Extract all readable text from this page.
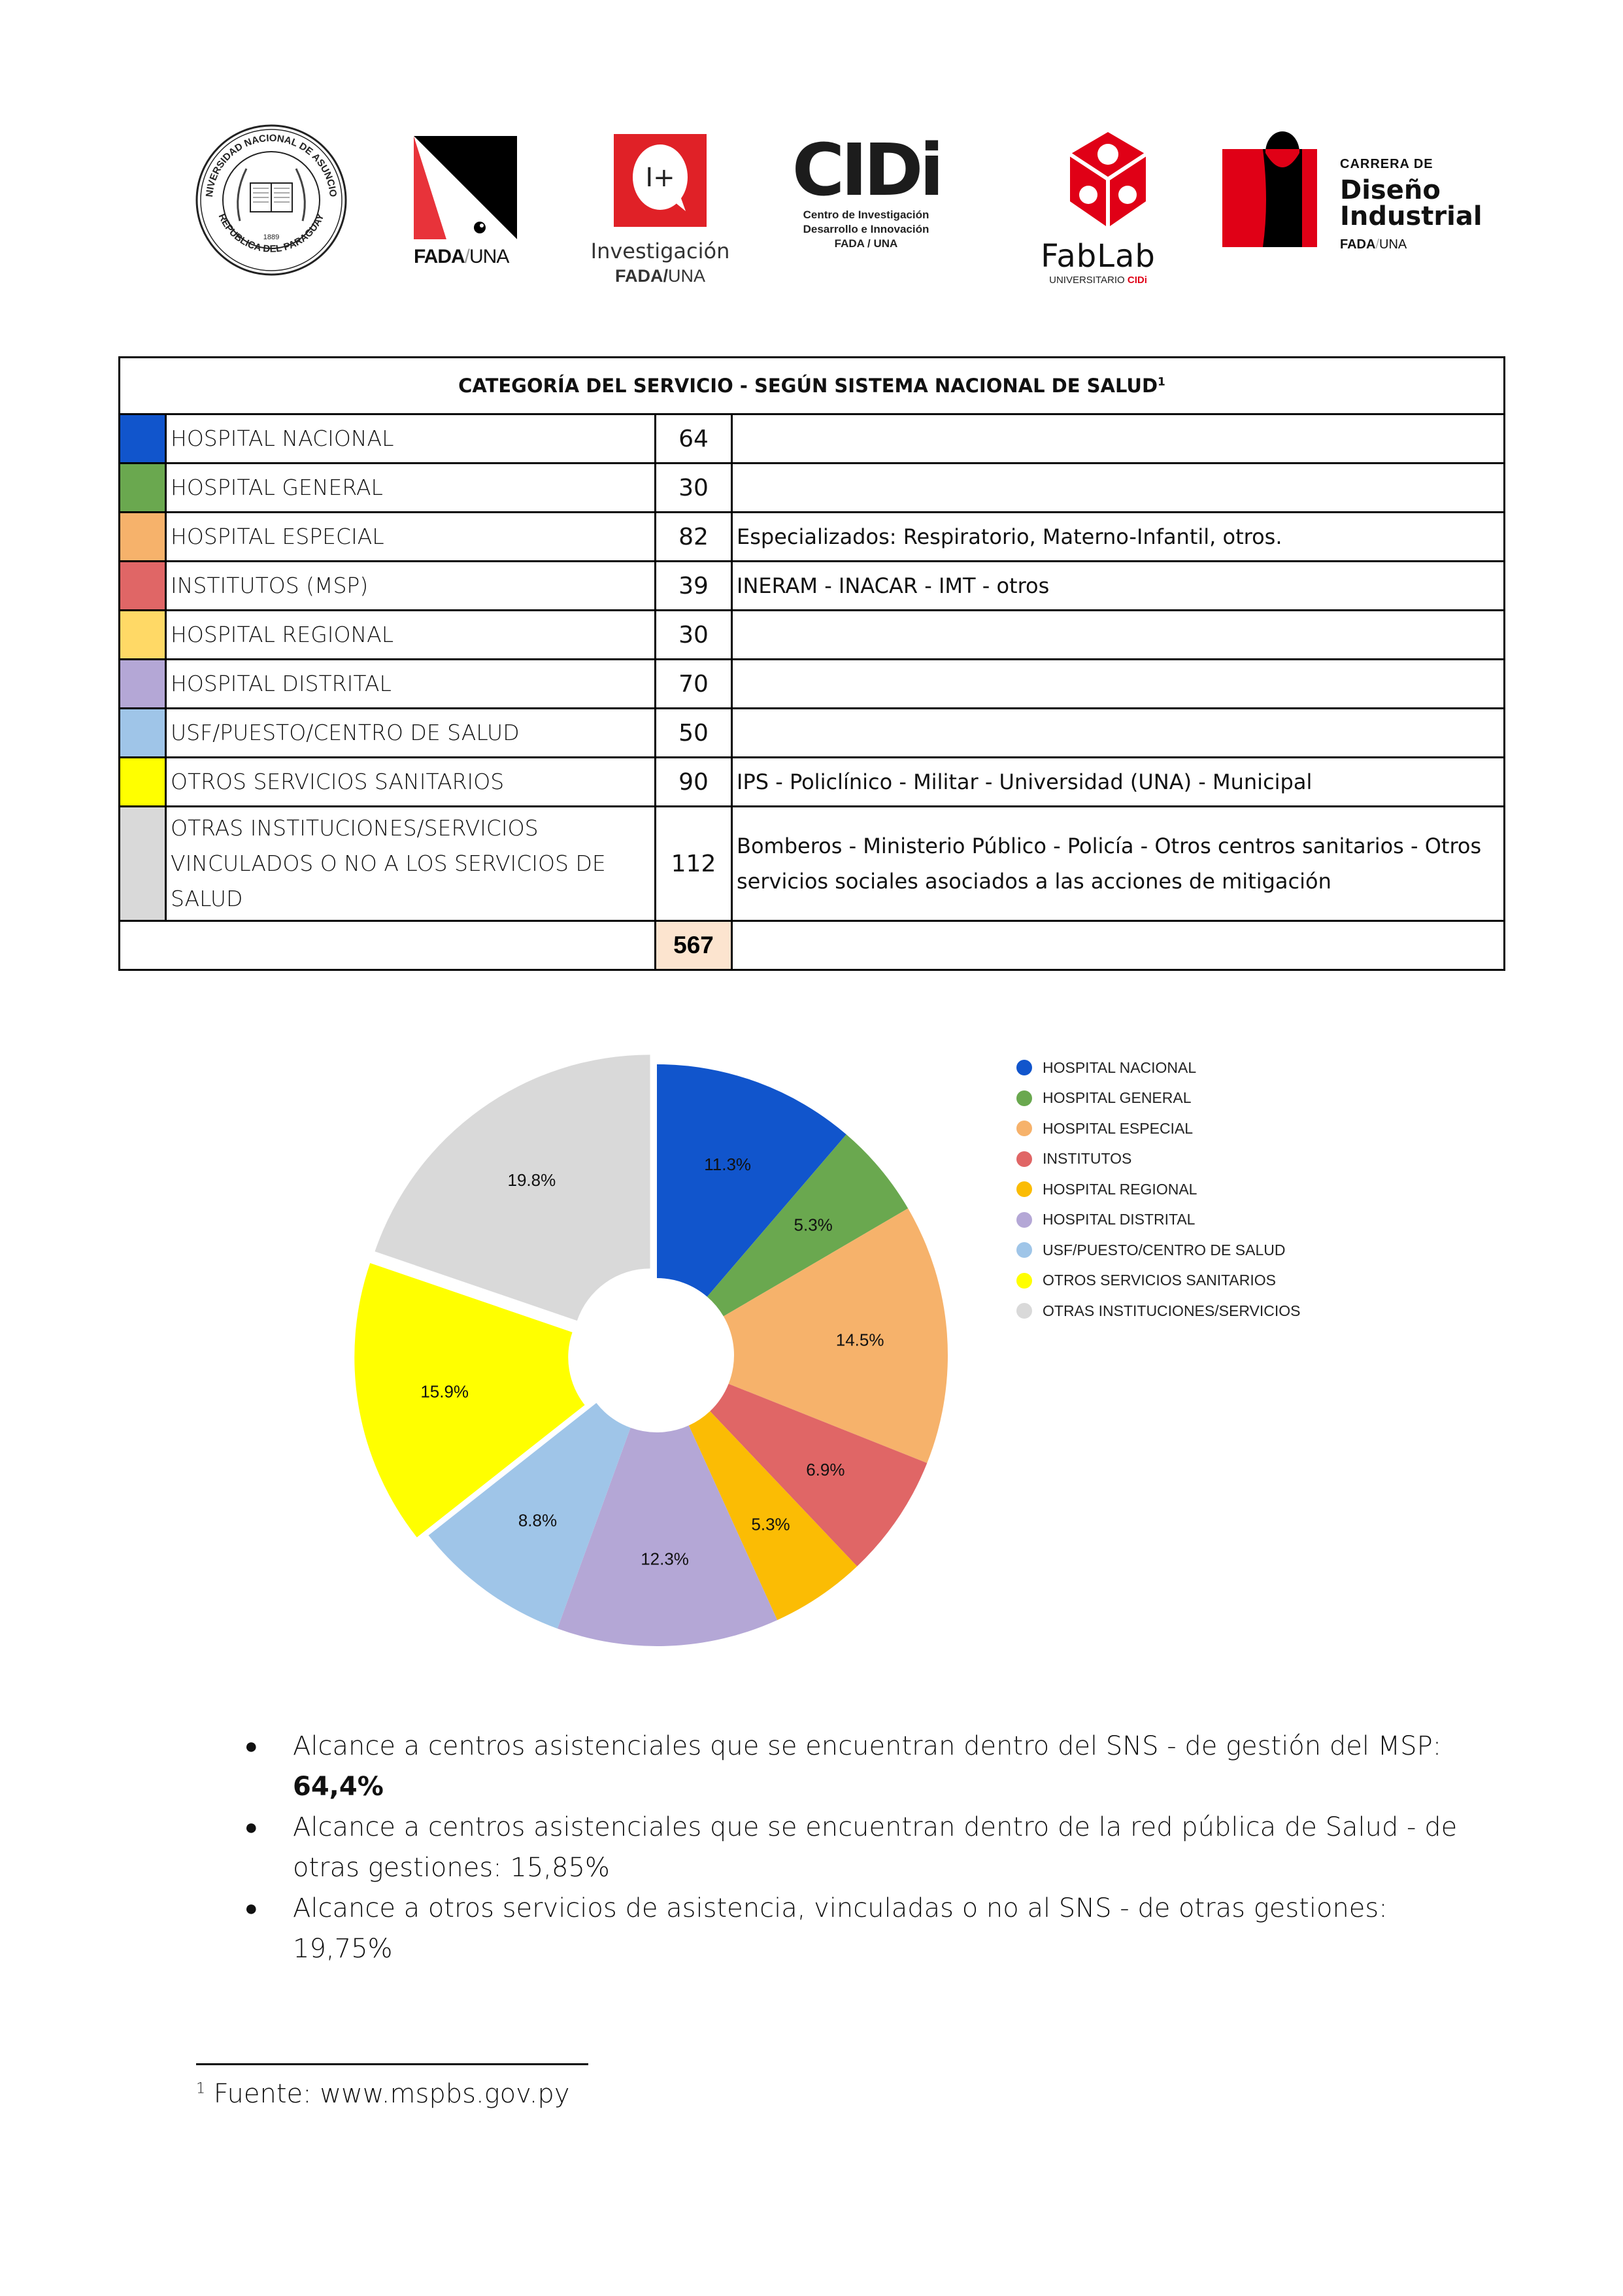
NIVERSIDAD NACIONAL DE ASUNCIO
REPUBLICA DEL PARAGUAY
1889
FADA/UNA
I+
Investigación
FADA/UNA
CIDi
Centro de Investigación
Desarrollo e Innovación
FADA / UNA	FabLab
UNIVERSITARIO CIDi
CARRERA DE
Diseño
Industrial
FADA/UNA
CATEGORÍA DEL SERVICIO - SEGÚN SISTEMA NACIONAL DE SALUD$^1$
	HOSPITAL NACIONAL	64	
	HOSPITAL GENERAL	30	
	HOSPITAL ESPECIAL	82	Especializados: Respiratorio, Materno-Infantil, otros.
	INSTITUTOS (MSP)	39	INERAM - INACAR - IMT - otros
	HOSPITAL REGIONAL	30	
	HOSPITAL DISTRITAL	70	
	USF/PUESTO/CENTRO DE SALUD	50	
	OTROS SERVICIOS SANITARIOS	90	IPS - Policlínico - Militar - Universidad (UNA) - Municipal
	OTRAS INSTITUCIONES/SERVICIOS VINCULADOS O NO A LOS SERVICIOS DE SALUD	112	Bomberos - Ministerio Público - Policía - Otros centros sanitarios - Otros servicios sociales asociados a las acciones de mitigación
		567	
11.3%
5.3%
14.5%
6.9%
5.3%
12.3%
8.8%
15.9%
19.8%
HOSPITAL NACIONAL
HOSPITAL GENERAL
HOSPITAL ESPECIAL
INSTITUTOS
HOSPITAL REGIONAL
HOSPITAL DISTRITAL
USF/PUESTO/CENTRO DE SALUD
OTROS SERVICIOS SANITARIOS
OTRAS INSTITUCIONES/SERVICIOS
● Alcance a centros asistenciales que se encuentran dentro del SNS - de gestión del MSP: 64,4%
● Alcance a centros asistenciales que se encuentran dentro de la red pública de Salud - de otras gestiones: 15,85%
● Alcance a otros servicios de asistencia, vinculadas o no al SNS - de otras gestiones: 19,75%
$^1$ Fuente: www.mspbs.gov.py
